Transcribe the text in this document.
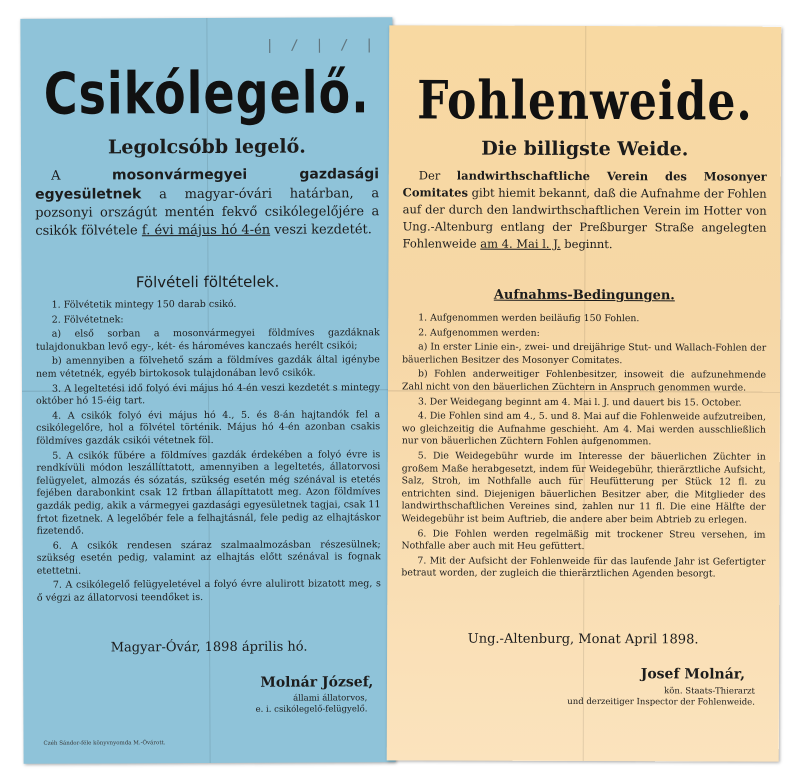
| / | / |
Csikólegelő.
Legolcsóbb legelő.
A mosonvármegyei gazdasági egyesületnek a magyar-óvári határban, a pozsonyi országút mentén fekvő csikólegelőjére a csikók fölvétele f. évi május hó 4-én veszi kezdetét.
Fölvételi föltételek.

1. Fölvétetik mintegy 150 darab csikó.

2. Fölvétetnek:

a) első sorban a mosonvármegyei földmíves gazdáknak tulajdonukban levő egy-, két- és hároméves kanczaés herélt csikói;

b) amennyiben a fölvehető szám a földmíves gazdák által igénybe nem vétetnék, egyéb birtokosok tulajdonában levő csikók.

3. A legeltetési idő folyó évi május hó 4-én veszi kezdetét s mintegy október hó 15-éig tart.

4. A csikók folyó évi május hó 4., 5. és 8-án hajtandók fel a csikólegelőre, hol a fölvétel történik. Május hó 4-én azonban csakis földmíves gazdák csikói vétetnek föl.

5. A csikók fűbére a földmíves gazdák érdekében a folyó évre is rendkívüli módon leszállíttatott, amennyiben a legeltetés, állatorvosi felügyelet, almozás és sózatás, szükség esetén még szénával is etetés fejében darabonkint csak 12 frtban állapíttatott meg. Azon földmíves gazdák pedig, akik a vármegyei gazdasági egyesületnek tagjai, csak 11 frtot fizetnek. A legelőbér fele a felhajtásnál, fele pedig az elhajtáskor fizetendő.

6. A csikók rendesen száraz szalmaalmozásban részesülnek; szükség esetén pedig, valamint az elhajtás előtt szénával is fognak etettetni.

7. A csikólegelő felügyeletével a folyó évre alulirott bizatott meg, s ő végzi az állatorvosi teendőket is.

Magyar-Óvár, 1898 április hó.
Molnár József,
állami állatorvos,
e. i. csikólegelő-felügyelő.
Czéh Sándor-féle könyvnyomda M.-Óvárott.
Fohlenweide.
Die billigste Weide.
Der landwirthschaftliche Verein des Mosonyer Comitates gibt hiemit bekannt, daß die Aufnahme der Fohlen auf der durch den landwirthschaftlichen Verein im Hotter von Ung.-Altenburg entlang der Preßburger Straße angelegten Fohlenweide am 4. Mai l. J. beginnt.
Aufnahms-Bedingungen.

1. Aufgenommen werden beiläufig 150 Fohlen.

2. Aufgenommen werden:

a) In erster Linie ein-, zwei- und dreijährige Stut- und Wallach-Fohlen der bäuerlichen Besitzer des Mosonyer Comitates.

b) Fohlen anderweitiger Fohlenbesitzer, insoweit die aufzunehmende Zahl nicht von den bäuerlichen Züchtern in Anspruch genommen wurde.

3. Der Weidegang beginnt am 4. Mai l. J. und dauert bis 15. October.

4. Die Fohlen sind am 4., 5. und 8. Mai auf die Fohlenweide aufzutreiben, wo gleichzeitig die Aufnahme geschieht. Am 4. Mai werden ausschließlich nur von bäuerlichen Züchtern Fohlen aufgenommen.

5. Die Weidegebühr wurde im Interesse der bäuerlichen Züchter in großem Maße herabgesetzt, indem für Weidegebühr, thierärztliche Aufsicht, Salz, Stroh, im Nothfalle auch für Heufütterung per Stück 12 fl. zu entrichten sind. Diejenigen bäuerlichen Besitzer aber, die Mitglieder des landwirthschaftlichen Vereines sind, zahlen nur 11 fl. Die eine Hälfte der Weidegebühr ist beim Auftrieb, die andere aber beim Abtrieb zu erlegen.

6. Die Fohlen werden regelmäßig mit trockener Streu versehen, im Nothfalle aber auch mit Heu gefüttert.

7. Mit der Aufsicht der Fohlenweide für das laufende Jahr ist Gefertigter betraut worden, der zugleich die thierärztlichen Agenden besorgt.

Ung.-Altenburg, Monat April 1898.
Josef Molnár,
kön. Staats-Thierarzt
und derzeitiger Inspector der Fohlenweide.
